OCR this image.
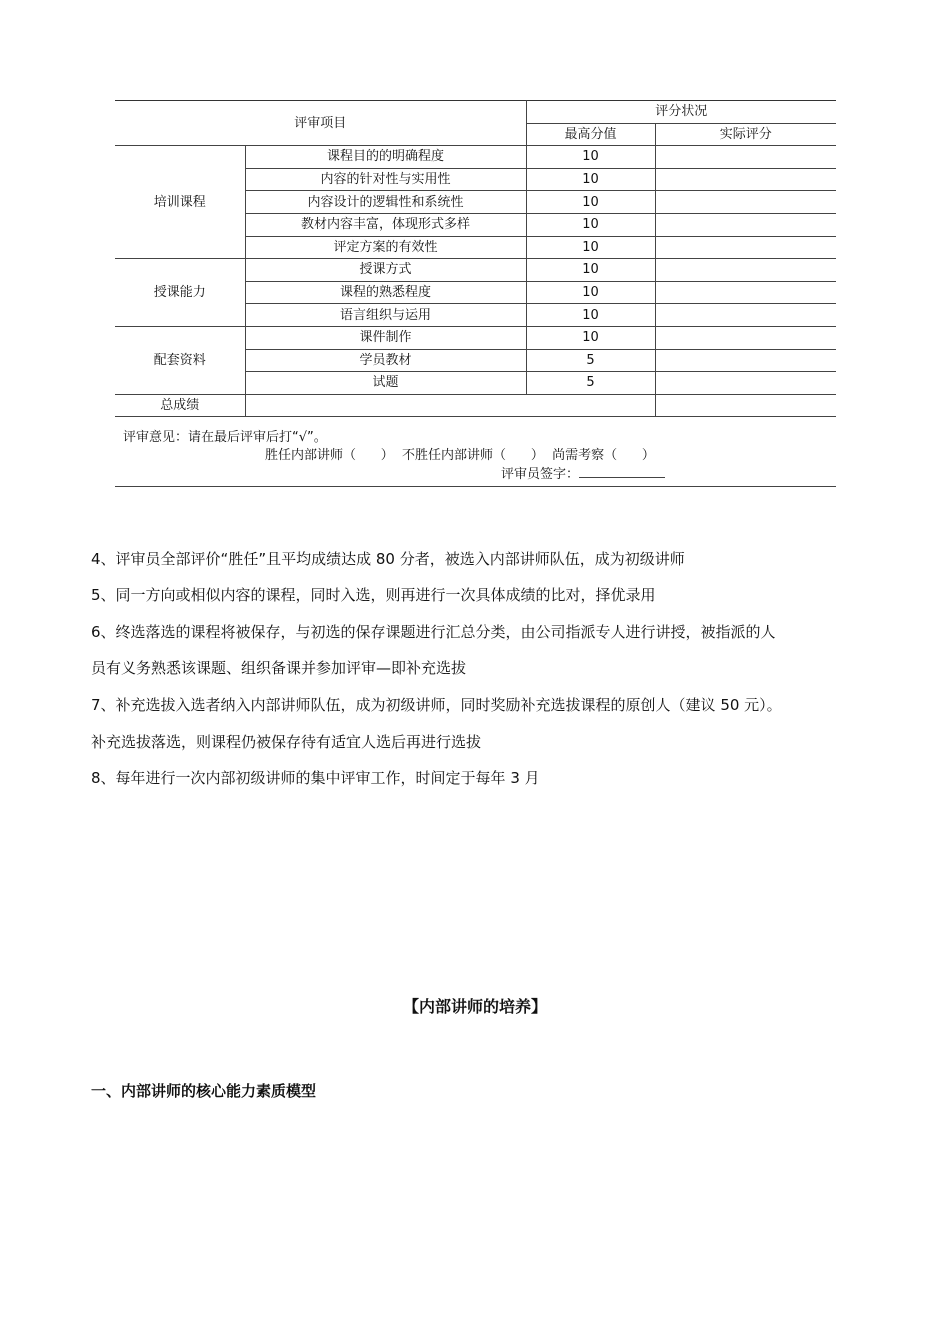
评审项目		评分状况	
		最高分值	实际评分
培训课程	课程目的的明确程度	10	
	内容的针对性与实用性	10	
	内容设计的逻辑性和系统性	10	
	教材内容丰富，体现形式多样	10	
	评定方案的有效性	10	
授课能力	授课方式	10	
	课程的熟悉程度	10	
	语言组织与运用	10	
配套资料	课件制作	10	
	学员教材	5	
	试题	5	
总成绩			
评审意见：请在最后评审后打“√”。
胜任内部讲师（      ）  不胜任内部讲师（      ）  尚需考察（      ）
评审员签字：
4、评审员全部评价“胜任”且平均成绩达成 80 分者，被选入内部讲师队伍，成为初级讲师
5、同一方向或相似内容的课程，同时入选，则再进行一次具体成绩的比对，择优录用
6、终选落选的课程将被保存，与初选的保存课题进行汇总分类，由公司指派专人进行讲授，被指派的人
员有义务熟悉该课题、组织备课并参加评审—即补充选拔
7、补充选拔入选者纳入内部讲师队伍，成为初级讲师，同时奖励补充选拔课程的原创人（建议 50 元）。
补充选拔落选，则课程仍被保存待有适宜人选后再进行选拔
8、每年进行一次内部初级讲师的集中评审工作，时间定于每年 3 月
【内部讲师的培养】
一、内部讲师的核心能力素质模型
